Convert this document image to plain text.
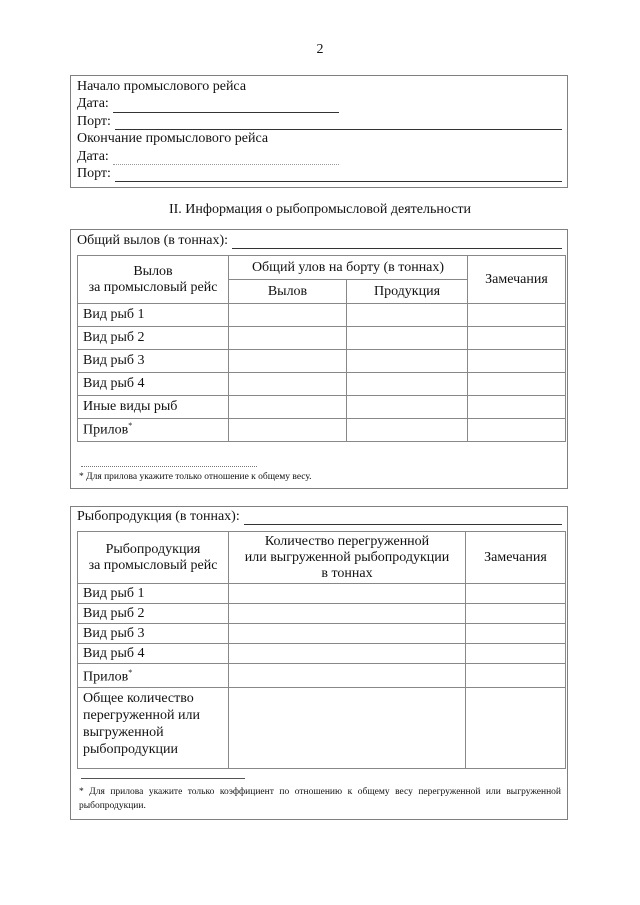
2
Начало промыслового рейса
Дата:
Порт:
Окончание промыслового рейса
Дата:
Порт:
II. Информация о рыбопромысловой деятельности
Общий вылов (в тоннах):
Вылов
за промысловый рейс	Общий улов на борту (в тоннах)		Замечания
	Вылов	Продукция	
Вид рыб 1			
Вид рыб 2			
Вид рыб 3			
Вид рыб 4			
Иные виды рыб			
Прилов*			
* Для прилова укажите только отношение к общему весу.
Рыбопродукция (в тоннах):
Рыбопродукция
за промысловый рейс	Количество перегруженной
или выгруженной рыбопродукции
в тоннах	Замечания
Вид рыб 1		
Вид рыб 2		
Вид рыб 3		
Вид рыб 4		
Прилов*		
Общее количество перегруженной или выгруженной рыбопродукции		
* Для прилова укажите только коэффициент по отношению к общему весу перегруженной или выгруженной рыбопродукции.
